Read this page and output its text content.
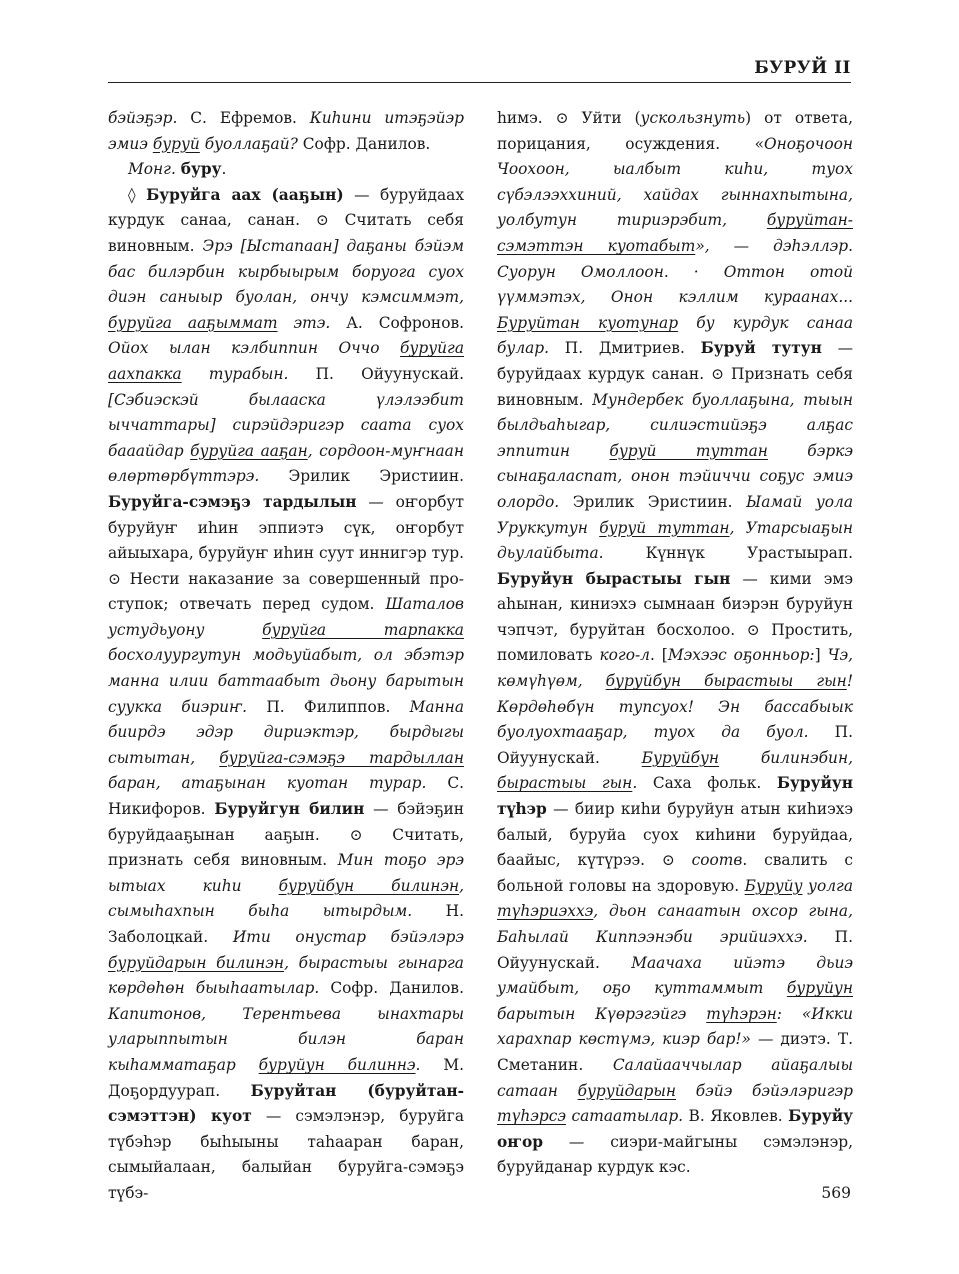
БУРУЙ II

бэйэҕэр. С. Ефремов. Киһини итэҕэйэр эмиэ буруй буоллаҕай? Софр. Данилов.

Монг. буру.

◊ Буруйга аах (ааҕын) — буруйдаах курдук санаа, санан. ⊙ Считать себя виновным. Эрэ [Ыстапаан] даҕаны бэйэм бас билэрбин кырбыырым боруога суох диэн саныыр буолан, ончу кэмсиммэт, буруйга ааҕыммат этэ. А. Софронов. Ойох ылан кэлбиппин Оччо буруйга аахпакка турабын. П. Ойуунускай. [Сэбиэскэй былааска үлэлээбит ыччаттары] сирэйдэригэр саата суох бааайдар буруйга ааҕан, сордоон-муҥнаан өлөртөрбүттэрэ. Эрилик Эристиин. Буруйга-сэмэҕэ тардылын — оҥорбут буруйуҥ иһин эппиэтэ сүк, оҥорбут айыыхара, буруйуҥ иһин суут иннигэр тур. ⊙ Нести наказание за совершенный проступок; отвечать перед судом. Шаталов устудьуону буруйга тарпакка босхолуургутун модьуйабыт, ол эбэтэр манна илии баттаабыт дьону барытын сууккa биэриҥ. П. Филиппов. Манна биирдэ эдэр дириэктэр, бырдыгы сытытан, буруйга-сэмэҕэ тардыллан баран, атаҕынан куотан турар. С. Никифоров. Буруйгун билин — бэйэҕин буруйдааҕынан ааҕын. ⊙ Считать, признать себя виновным. Мин тоҕо эрэ ытыах киһи буруйбун билинэн, сымыһахпын быһа ытырдым. Н. Заболоцкай. Ити онустар бэйэлэрэ буруйдарын билинэн, бырастыы гынарга көрдөһөн быыһаатылар. Софр. Данилов. Капитонов, Терентьева ынахтары уларыппытын билэн баран кыһамматаҕар буруйун билиннэ. М. Доҕордуурап. Буруйтан (буруйтан-сэмэттэн) куот — сэмэлэнэр, буруйга түбэһэр быһыыны таһааран баран, сымыйалаан, балыйан буруйга-сэмэҕэ түбэ-

һимэ. ⊙ Уйти (ускользнуть) от ответа, порицания, осуждения. «Оноҕочоон Чоохоон, ыалбыт киһи, туох сүбэлээххиний, хайдах гыннахпытына, уолбутун тириэрэбит, буруйтан-сэмэттэн куотабыт», — дэһэллэр. Суорун Омоллоон. · Оттон отой үүммэтэх, Онон кэллим кураанах... Буруйтан куотунар бу курдук санаа булар. П. Дмитриев. Буруй тутун — буруйдаах курдук санан. ⊙ Признать себя виновным. Мундербек буоллаҕына, тыын былдьаһыгар, силиэстийэҕэ алҕас эппитин буруй туттан бэркэ сынаҕаласпат, онон тэйиччи соҕус эмиэ олордо. Эрилик Эристиин. Ыамай уола Уруккутун буруй туттан, Утарсыаҕын дьулайбыта. Күннүк Урастыырап. Буруйун бырастыы гын — кими эмэ аһынан, киниэхэ сымнаан биэрэн буруйун чэпчэт, буруйтан босхолоо. ⊙ Простить, помиловать кого-л. [Мэхээс оҕонньор:] Чэ, көмүһүөм, буруйбун бырастыы гын! Көрдөһөбүн тупсуох! Эн бассабыык буолуохтааҕар, туох да буол. П. Ойуунускай. Буруйбун билинэбин, бырастыы гын. Саха фольк. Буруйун түһэр — биир киһи буруйун атын киһиэхэ балый, буруйа суох киһини буруйдаа, баайыс, күтүрээ. ⊙ соотв. свалить с больной головы на здоровую. Буруйу уолга түһэриэххэ, дьон санаатын охсор гына, Баһылай Киппээнэби эрийиэххэ. П. Ойуунускай. Маачаха ийэтэ дьиэ умайбыт, оҕо куттаммыт буруйун барытын Күөрэгэйгэ түһэрэн: «Икки харахпар көстүмэ, киэр бар!» — диэтэ. Т. Сметанин. Салайааччылар айаҕалыы сатаан буруйдарын бэйэ бэйэлэригэр түһэрсэ сатаатылар. В. Яковлев. Буруйу оҥор — сиэри-майгыны сэмэлэнэр, буруйданар курдук кэс.

569
